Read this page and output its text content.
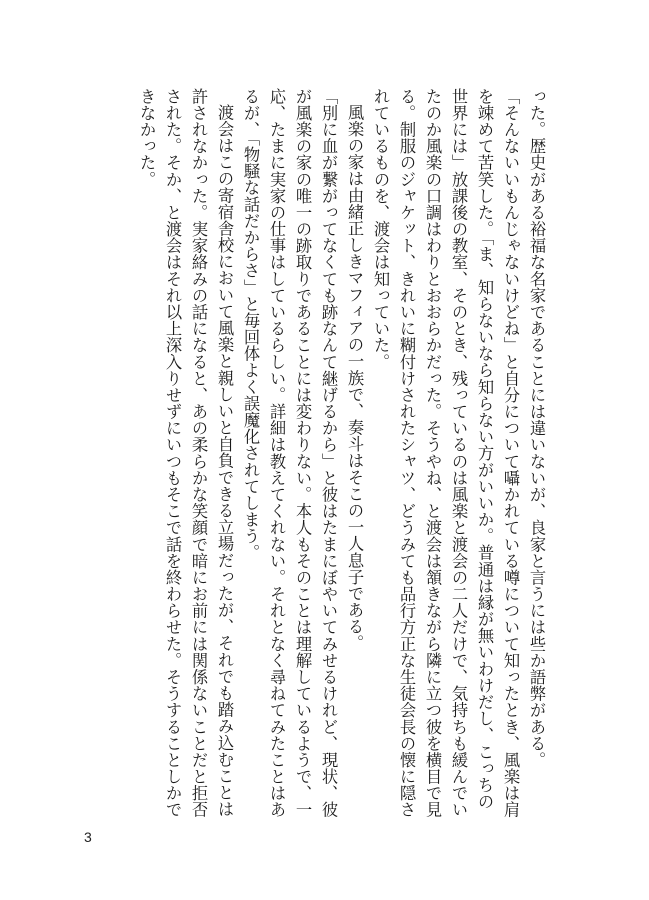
った。歴史がある裕福な名家であることには違いないが、良家と言うには些か語弊がある。

「そんないいもんじゃないけどね」と自分について囁かれている噂について知ったとき、風楽は肩を竦めて苦笑した。「ま、知らないなら知らない方がいいか。普通は縁が無いわけだし、こっちの世界には」放課後の教室、そのとき、残っているのは風楽と渡会の二人だけで、気持ちも緩んでいたのか風楽の口調はわりとおおらかだった。そうやね、と渡会は頷きながら隣に立つ彼を横目で見る。制服のジャケット、きれいに糊付けされたシャツ、どうみても品行方正な生徒会長の懐に隠されているものを、渡会は知っていた。

風楽の家は由緒正しきマフィアの一族で、奏斗はそこの一人息子である。

「別に血が繋がってなくても跡なんて継げるから」と彼はたまにぼやいてみせるけれど、現状、彼が風楽の家の唯一の跡取りであることには変わりない。本人もそのことは理解しているようで、一応、たまに実家の仕事はしているらしい。詳細は教えてくれない。それとなく尋ねてみたことはあるが、「物騒な話だからさ」と毎回体よく誤魔化されてしまう。

渡会はこの寄宿舎校において風楽と親しいと自負できる立場だったが、それでも踏み込むことは許されなかった。実家絡みの話になると、あの柔らかな笑顔で暗にお前には関係ないことだと拒否された。そか、と渡会はそれ以上深入りせずにいつもそこで話を終わらせた。そうすることしかできなかった。

3
